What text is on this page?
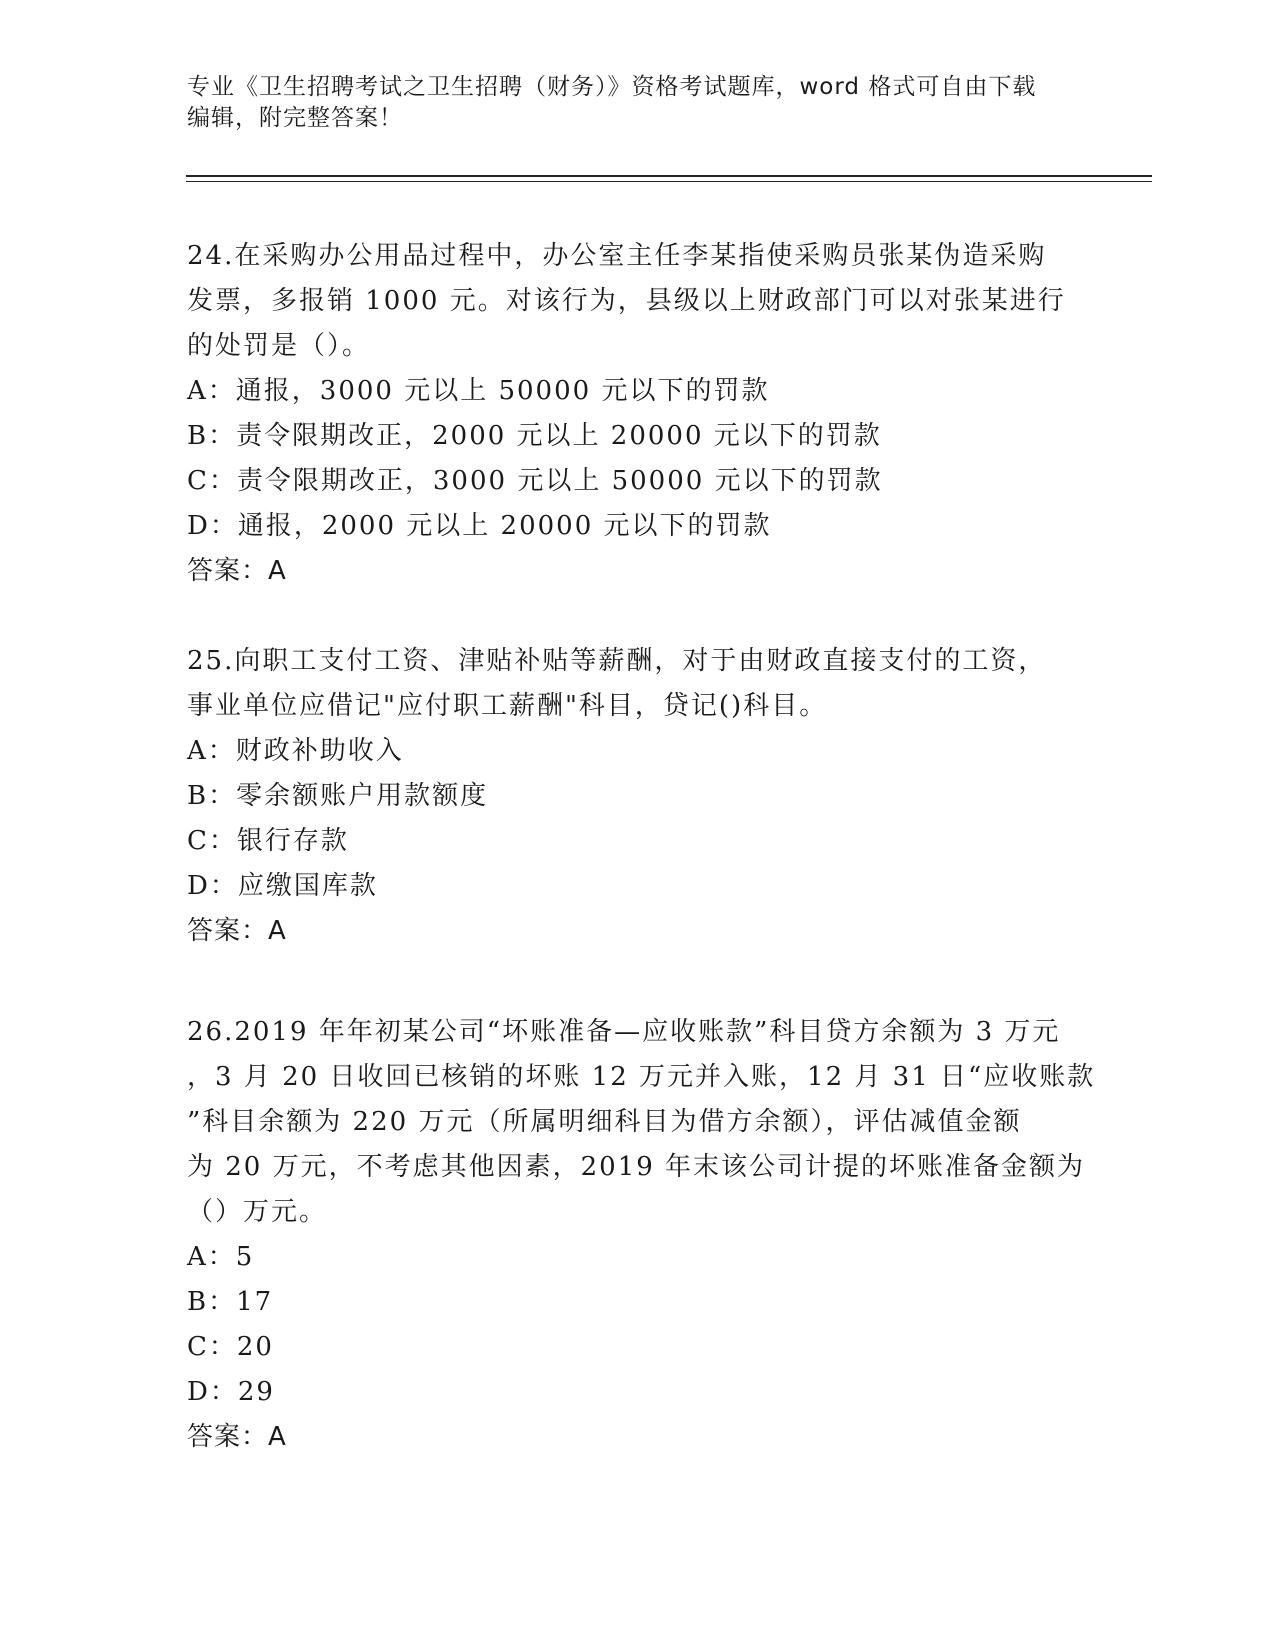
专业《卫生招聘考试之卫生招聘（财务）》资格考试题库，word 格式可自由下载
编辑，附完整答案！
24.在采购办公用品过程中，办公室主任李某指使采购员张某伪造采购
发票，多报销 1000 元。对该行为，县级以上财政部门可以对张某进行
的处罚是（）。
A：通报，3000 元以上 50000 元以下的罚款
B：责令限期改正，2000 元以上 20000 元以下的罚款
C：责令限期改正，3000 元以上 50000 元以下的罚款
D：通报，2000 元以上 20000 元以下的罚款
答案：A
25.向职工支付工资、津贴补贴等薪酬，对于由财政直接支付的工资，
事业单位应借记"应付职工薪酬"科目，贷记()科目。
A：财政补助收入
B：零余额账户用款额度
C：银行存款
D：应缴国库款
答案：A
26.2019 年年初某公司“坏账准备—应收账款”科目贷方余额为 3 万元
，3 月 20 日收回已核销的坏账 12 万元并入账，12 月 31 日“应收账款
”科目余额为 220 万元（所属明细科目为借方余额），评估减值金额
为 20 万元，不考虑其他因素，2019 年末该公司计提的坏账准备金额为
（）万元。
A：5
B：17
C：20
D：29
答案：A
